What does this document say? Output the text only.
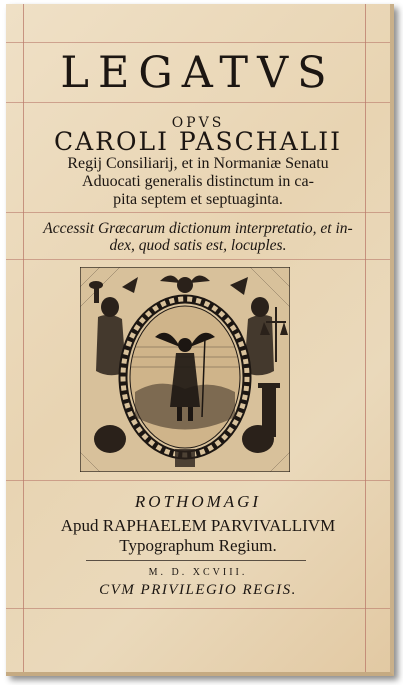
LEGATVS

OPVS

CAROLI PASCHALII

Regij Consiliarij, et in Normaniæ Senatu

Aduocati generalis distinctum in ca-

pita septem et septuaginta.

Accessit Græcarum dictionum interpretatio, et in-

dex, quod satis est, locuples.

ROTHOMAGI

Apud RAPHAELEM PARVIVALLIVM

Typographum Regium.

M. D. XCVIII.

CVM PRIVILEGIO REGIS.
